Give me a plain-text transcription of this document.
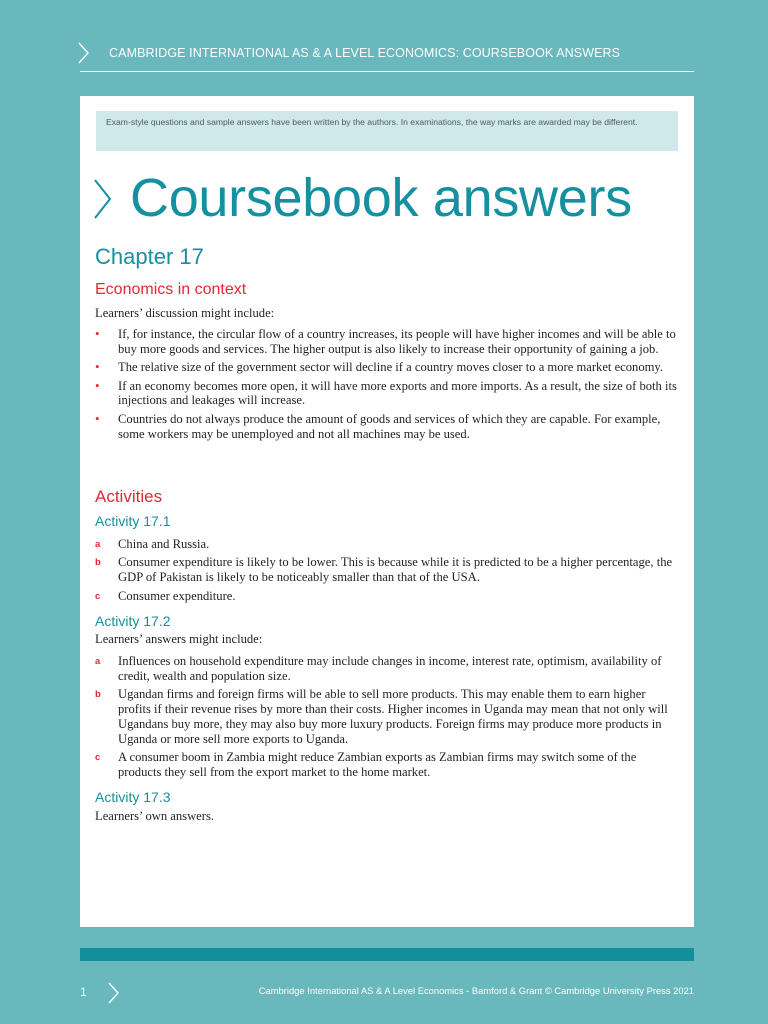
CAMBRIDGE INTERNATIONAL AS & A LEVEL ECONOMICS: COURSEBOOK ANSWERS
Exam-style questions and sample answers have been written by the authors. In examinations, the way marks are awarded may be different.
Coursebook answers
Chapter 17
Economics in context
Learners’ discussion might include:
• If, for instance, the circular flow of a country increases, its people will have higher incomes and will be able to buy more goods and services. The higher output is also likely to increase their opportunity of gaining a job.
• The relative size of the government sector will decline if a country moves closer to a more market economy.
• If an economy becomes more open, it will have more exports and more imports. As a result, the size of both its injections and leakages will increase.
• Countries do not always produce the amount of goods and services of which they are capable. For example, some workers may be unemployed and not all machines may be used.
Activities
Activity 17.1
a China and Russia.
b Consumer expenditure is likely to be lower. This is because while it is predicted to be a higher percentage, the GDP of Pakistan is likely to be noticeably smaller than that of the USA.
c Consumer expenditure.
Activity 17.2
Learners’ answers might include:
a Influences on household expenditure may include changes in income, interest rate, optimism, availability of credit, wealth and population size.
b Ugandan firms and foreign firms will be able to sell more products. This may enable them to earn higher profits if their revenue rises by more than their costs. Higher incomes in Uganda may mean that not only will Ugandans buy more, they may also buy more luxury products. Foreign firms may produce more products in Uganda or more sell more exports to Uganda.
c A consumer boom in Zambia might reduce Zambian exports as Zambian firms may switch some of the products they sell from the export market to the home market.
Activity 17.3
Learners’ own answers.
1	Cambridge International AS & A Level Economics - Bamford & Grant © Cambridge University Press 2021
